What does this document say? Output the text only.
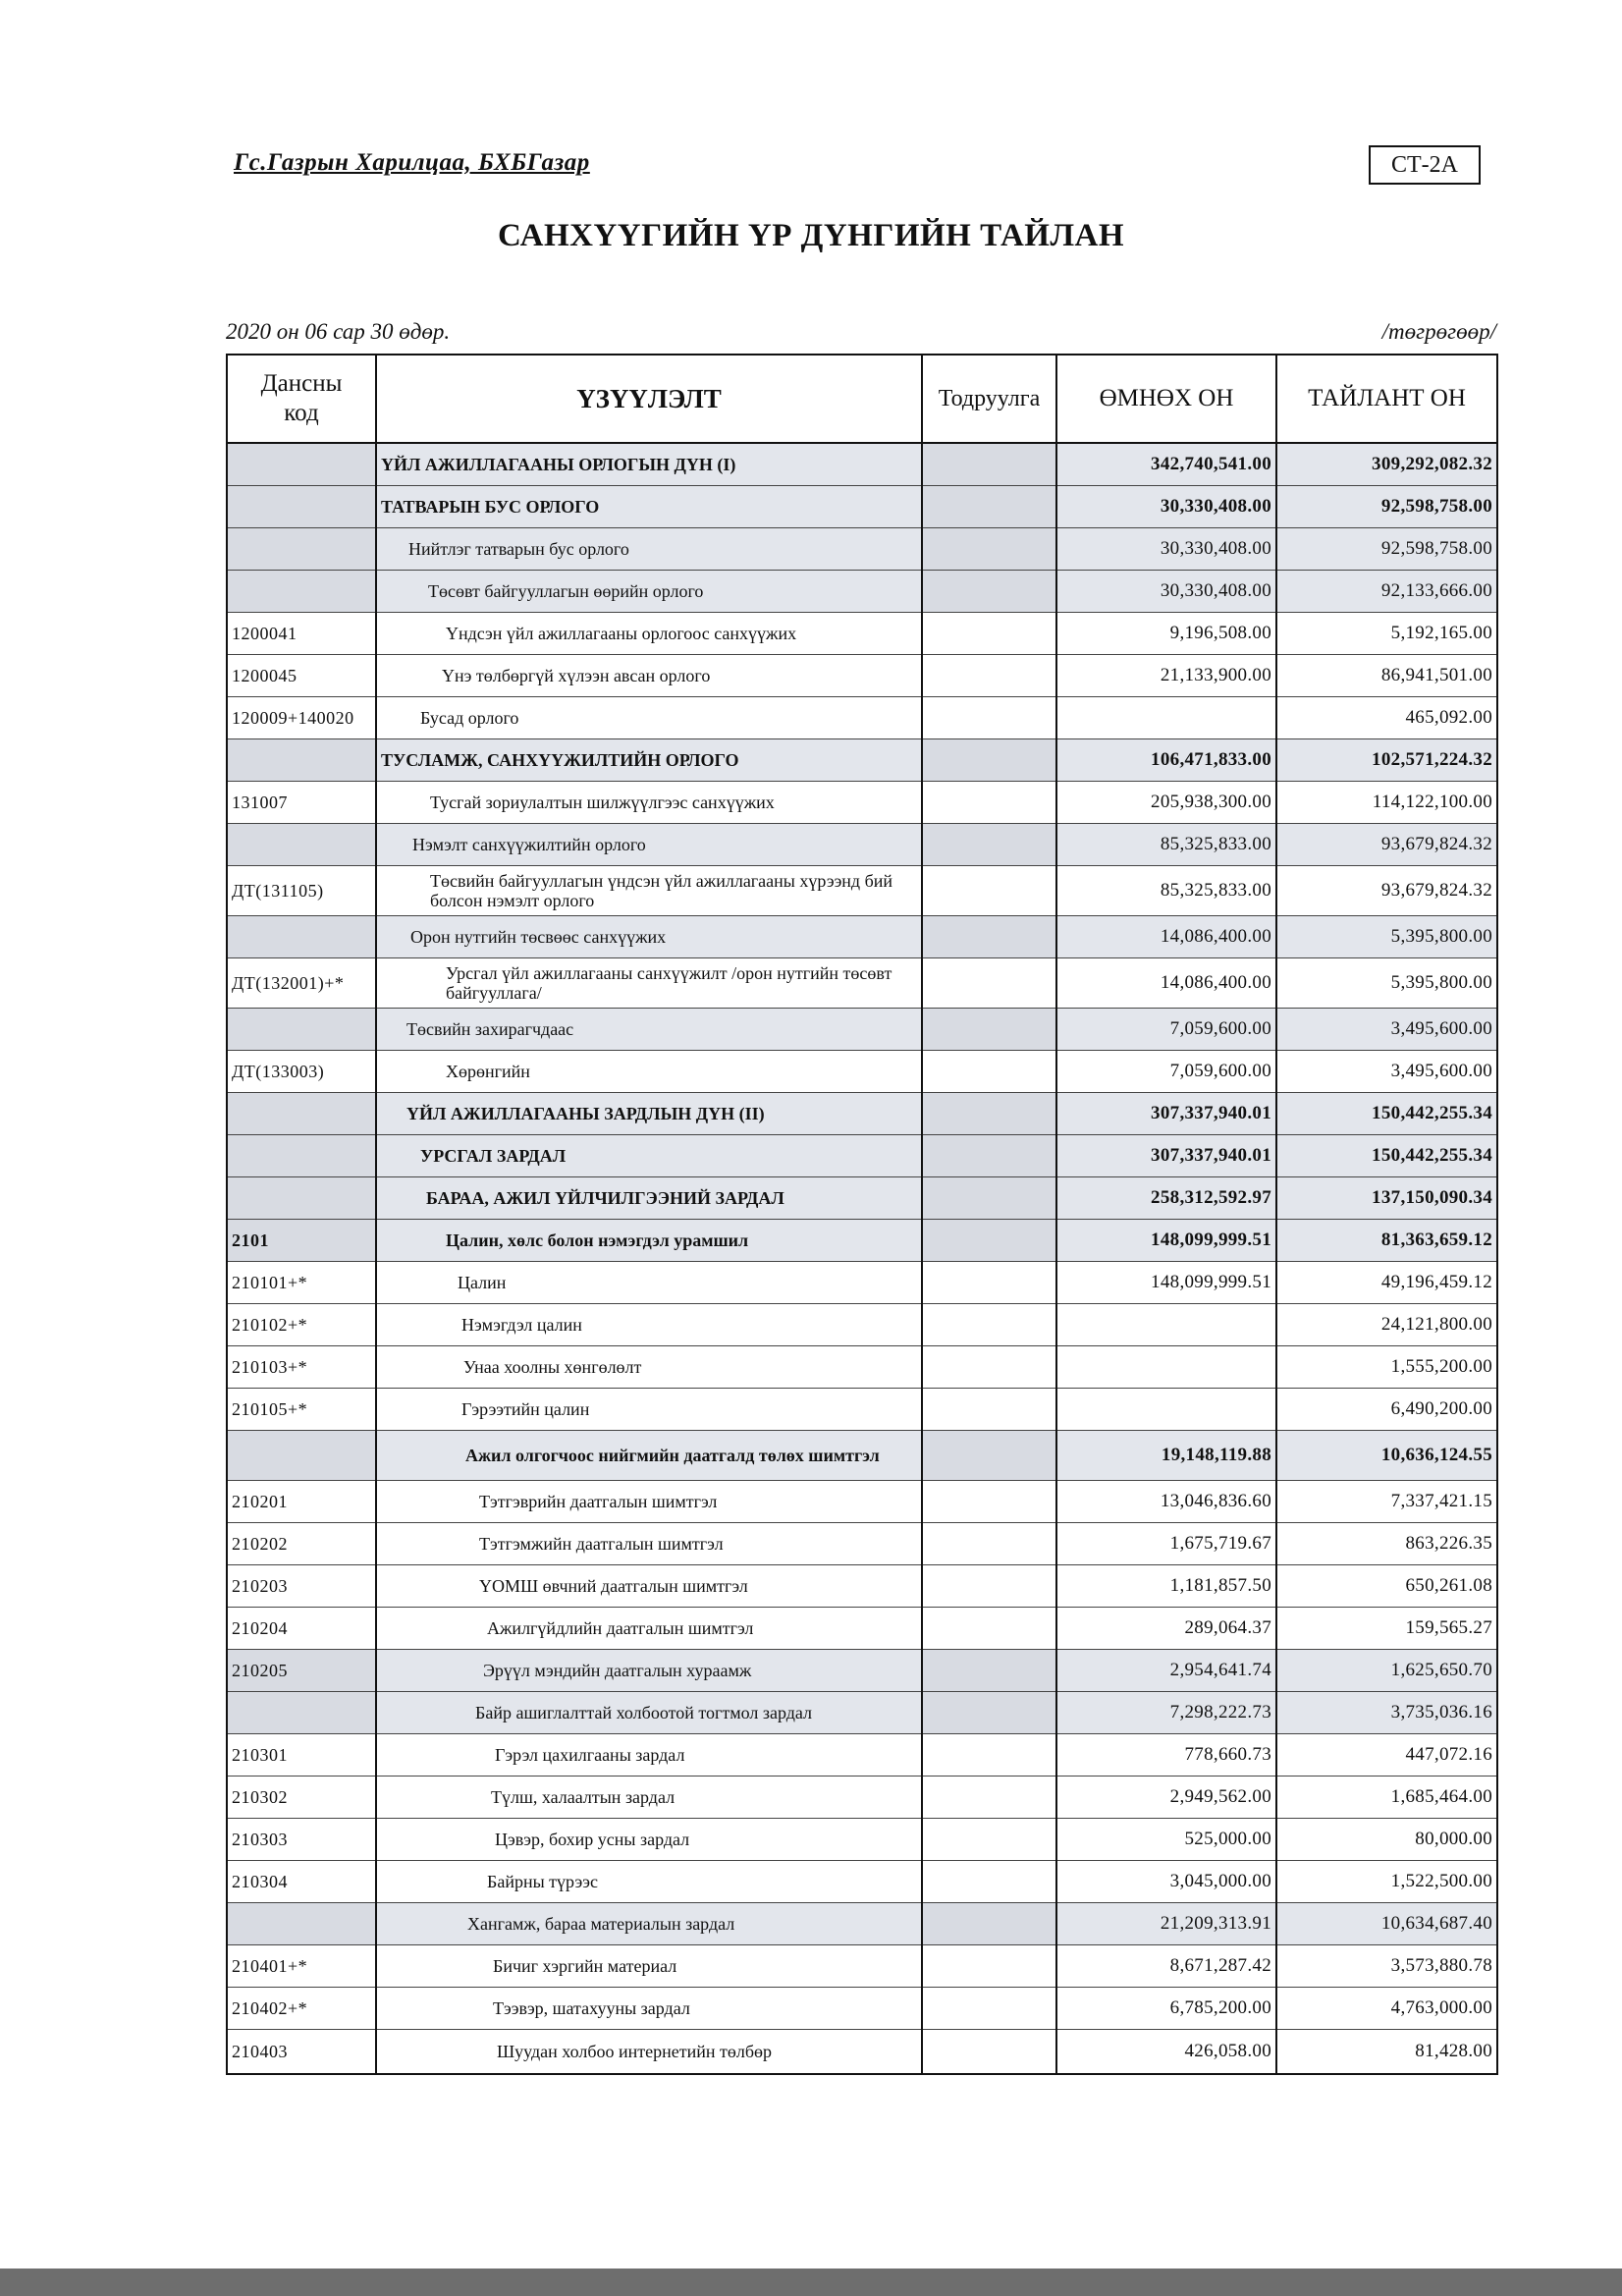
Гс.Газрын Харилцаа, БХБГазар	СТ-2А
САНХҮҮГИЙН ҮР ДҮНГИЙН ТАЙЛАН
2020 он 06 сар 30 өдөр.	/төгрөгөөр/
Дансны код	ҮЗҮҮЛЭЛТ	Тодруулга	ӨМНӨХ ОН	ТАЙЛАНТ ОН
	ҮЙЛ АЖИЛЛАГААНЫ ОРЛОГЫН ДҮН (I)		342,740,541.00	309,292,082.32
	ТАТВАРЫН БУС ОРЛОГО		30,330,408.00	92,598,758.00
	Нийтлэг татварын бус орлого		30,330,408.00	92,598,758.00
	Төсөвт байгууллагын өөрийн орлого		30,330,408.00	92,133,666.00
1200041	Үндсэн үйл ажиллагааны орлогоос санхүүжих		9,196,508.00	5,192,165.00
1200045	Үнэ төлбөргүй хүлээн авсан орлого		21,133,900.00	86,941,501.00
120009+140020	Бусад орлого			465,092.00
	ТУСЛАМЖ, САНХҮҮЖИЛТИЙН ОРЛОГО		106,471,833.00	102,571,224.32
131007	Тусгай зориулалтын шилжүүлгээс санхүүжих		205,938,300.00	114,122,100.00
	Нэмэлт санхүүжилтийн орлого		85,325,833.00	93,679,824.32
ДТ(131105)	Төсвийн байгууллагын үндсэн үйл ажиллагааны хүрээнд бий болсон нэмэлт орлого		85,325,833.00	93,679,824.32
	Орон нутгийн төсвөөс санхүүжих		14,086,400.00	5,395,800.00
ДТ(132001)+*	Урсгал үйл ажиллагааны санхүүжилт /орон нутгийн төсөвт байгууллага/		14,086,400.00	5,395,800.00
	Төсвийн захирагчдаас		7,059,600.00	3,495,600.00
ДТ(133003)	Хөрөнгийн		7,059,600.00	3,495,600.00
	ҮЙЛ АЖИЛЛАГААНЫ ЗАРДЛЫН ДҮН (II)		307,337,940.01	150,442,255.34
	УРСГАЛ ЗАРДАЛ		307,337,940.01	150,442,255.34
	БАРАА, АЖИЛ ҮЙЛЧИЛГЭЭНИЙ ЗАРДАЛ		258,312,592.97	137,150,090.34
2101	Цалин, хөлс болон нэмэгдэл урамшил		148,099,999.51	81,363,659.12
210101+*	Цалин		148,099,999.51	49,196,459.12
210102+*	Нэмэгдэл цалин			24,121,800.00
210103+*	Унаа хоолны хөнгөлөлт			1,555,200.00
210105+*	Гэрээтийн цалин			6,490,200.00
	Ажил олгогчоос нийгмийн даатгалд төлөх шимтгэл		19,148,119.88	10,636,124.55
210201	Тэтгэврийн даатгалын шимтгэл		13,046,836.60	7,337,421.15
210202	Тэтгэмжийн даатгалын шимтгэл		1,675,719.67	863,226.35
210203	ҮОМШ өвчний даатгалын шимтгэл		1,181,857.50	650,261.08
210204	Ажилгүйдлийн даатгалын шимтгэл		289,064.37	159,565.27
210205	Эрүүл мэндийн даатгалын хураамж		2,954,641.74	1,625,650.70
	Байр ашиглалттай холбоотой тогтмол зардал		7,298,222.73	3,735,036.16
210301	Гэрэл цахилгааны зардал		778,660.73	447,072.16
210302	Түлш, халаалтын зардал		2,949,562.00	1,685,464.00
210303	Цэвэр, бохир усны зардал		525,000.00	80,000.00
210304	Байрны түрээс		3,045,000.00	1,522,500.00
	Хангамж, бараа материалын зардал		21,209,313.91	10,634,687.40
210401+*	Бичиг хэргийн материал		8,671,287.42	3,573,880.78
210402+*	Тээвэр, шатахууны зардал		6,785,200.00	4,763,000.00
210403	Шуудан холбоо интернетийн төлбөр		426,058.00	81,428.00
